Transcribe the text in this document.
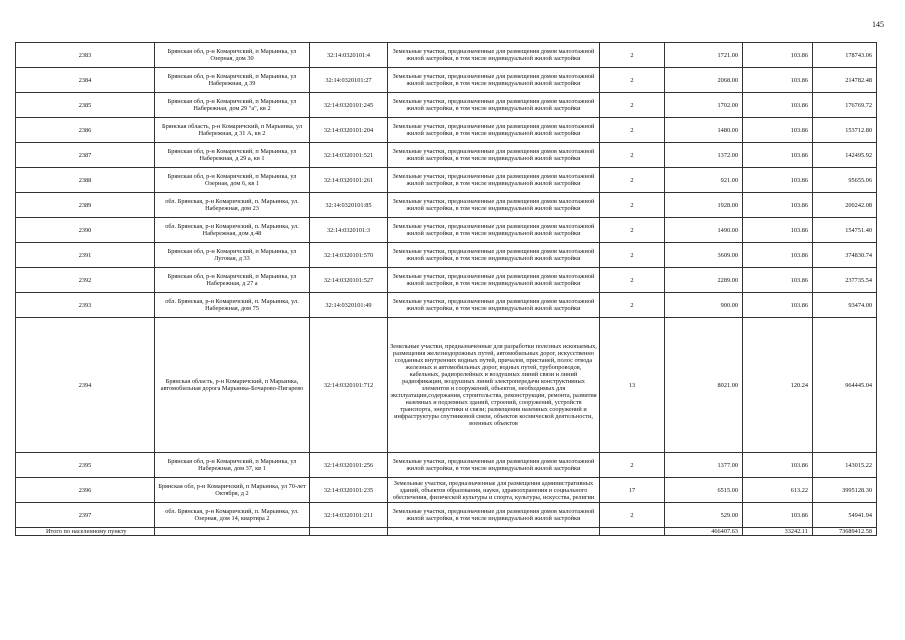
145
2383	Брянская обл, р-н Комаричский, п Марьинка, ул Озерная, дом 30	32:14:0320101:4	Земельные участки, предназначенные для размещения домов малоэтажной жилой застройки, в том числе индивидуальной жилой застройки	2	1721.00	103.86	178743.06
2384	Брянская обл, р-н Комаричский, п Марьинка, ул Набережная, д 39	32:14:0320101:27	Земельные участки, предназначенные для размещения домов малоэтажной жилой застройки, в том числе индивидуальной жилой застройки	2	2068.00	103.86	214782.48
2385	Брянская обл, р-н Комаричский, п Марьинка, ул Набережная, дом 29 "а", кв 2	32:14:0320101:245	Земельные участки, предназначенные для размещения домов малоэтажной жилой застройки, в том числе индивидуальной жилой застройки	2	1702.00	103.86	176769.72
2386	Брянская область, р-н Комаричский, п Марьинка, ул Набережная, д 31 А, кв 2	32:14:0320101:204	Земельные участки, предназначенные для размещения домов малоэтажной жилой застройки, в том числе индивидуальной жилой застройки	2	1480.00	103.86	153712.80
2387	Брянская обл, р-н Комаричский, п Марьинка, ул Набережная, д 29 а, кв 1	32:14:0320101:521	Земельные участки, предназначенные для размещения домов малоэтажной жилой застройки, в том числе индивидуальной жилой застройки	2	1372.00	103.86	142495.92
2388	Брянская обл, р-н Комаричский, п Марьинка, ул Озерная, дом 6, кв 1	32:14:0320101:261	Земельные участки, предназначенные для размещения домов малоэтажной жилой застройки, в том числе индивидуальной жилой застройки	2	921.00	103.86	95655.06
2389	обл. Брянская, р-н Комаричский, п. Марьинка, ул. Набережная, дом 23	32:14:0320101:85	Земельные участки, предназначенные для размещения домов малоэтажной жилой застройки, в том числе индивидуальной жилой застройки	2	1928.00	103.86	200242.08
2390	обл. Брянская, р-н Комаричский, п. Марьинка, ул. Набережная, дом д.48	32:14:0320101:3	Земельные участки, предназначенные для размещения домов малоэтажной жилой застройки, в том числе индивидуальной жилой застройки	2	1490.00	103.86	154751.40
2391	Брянская обл, р-н Комаричский, п Марьинка, ул Луговая, д 33	32:14:0320101:570	Земельные участки, предназначенные для размещения домов малоэтажной жилой застройки, в том числе индивидуальной жилой застройки	2	3609.00	103.86	374830.74
2392	Брянская обл, р-н Комаричский, п Марьинка, ул Набережная, д 27 а	32:14:0320101:527	Земельные участки, предназначенные для размещения домов малоэтажной жилой застройки, в том числе индивидуальной жилой застройки	2	2289.00	103.86	237735.54
2393	обл. Брянская, р-н Комаричский, п. Марьинка, ул. Набережная, дом 75	32:14:0320101:49	Земельные участки, предназначенные для размещения домов малоэтажной жилой застройки, в том числе индивидуальной жилой застройки	2	900.00	103.86	93474.00
2394	Брянская область, р-н Комаричский, п Марьинка, автомобильная дорога Марьинка-Бочарово-Пигарево	32:14:0320101:712	Земельные участки, предназначенные для разработки полезных ископаемых, размещения железнодорожных путей, автомобильных дорог, искусственно созданных внутренних водных путей, причалов, пристаней, полос отвода железных и автомобильных дорог, водных путей, трубопроводов, кабельных, радиорелейных и воздушных линий связи и линий радиофикации, воздушных линий электропередачи конструктивных элементов и сооружений, объектов, необходимых для эксплуатации,содержания, строительства, реконструкции, ремонта, развития наземных и подземных зданий, строений, сооружений, устройств транспорта, энергетики и связи; размещения наземных сооружений и инфраструктуры спутниковой связи, объектов космической деятельности, военных объектов	13	8021.00	120.24	964445.04
2395	Брянская обл, р-н Комаричский, п Марьинка, ул Набережная, дом 37, кв 1	32:14:0320101:256	Земельные участки, предназначенные для размещения домов малоэтажной жилой застройки, в том числе индивидуальной жилой застройки	2	1377.00	103.86	143015.22
2396	Брянская обл, р-н Комаричский, п Марьинка, ул 70-лет Октября, д 2	32:14:0320101:235	Земельные участки, предназначенные для размещения административных зданий, объектов образования, науки, здравоохранения и социального обеспечения, физической культуры и спорта, культуры, искусства, религии	17	6515.00	613.22	3995128.30
2397	обл. Брянская, р-н Комаричский, п. Марьинка, ул. Озерная, дом 14, квартира 2	32:14:0320101:211	Земельные участки, предназначенные для размещения домов малоэтажной жилой застройки, в том числе индивидуальной жилой застройки	2	529.00	103.86	54941.94
Итого по населенному пункту					466407.63	33242.11	73689412.58
